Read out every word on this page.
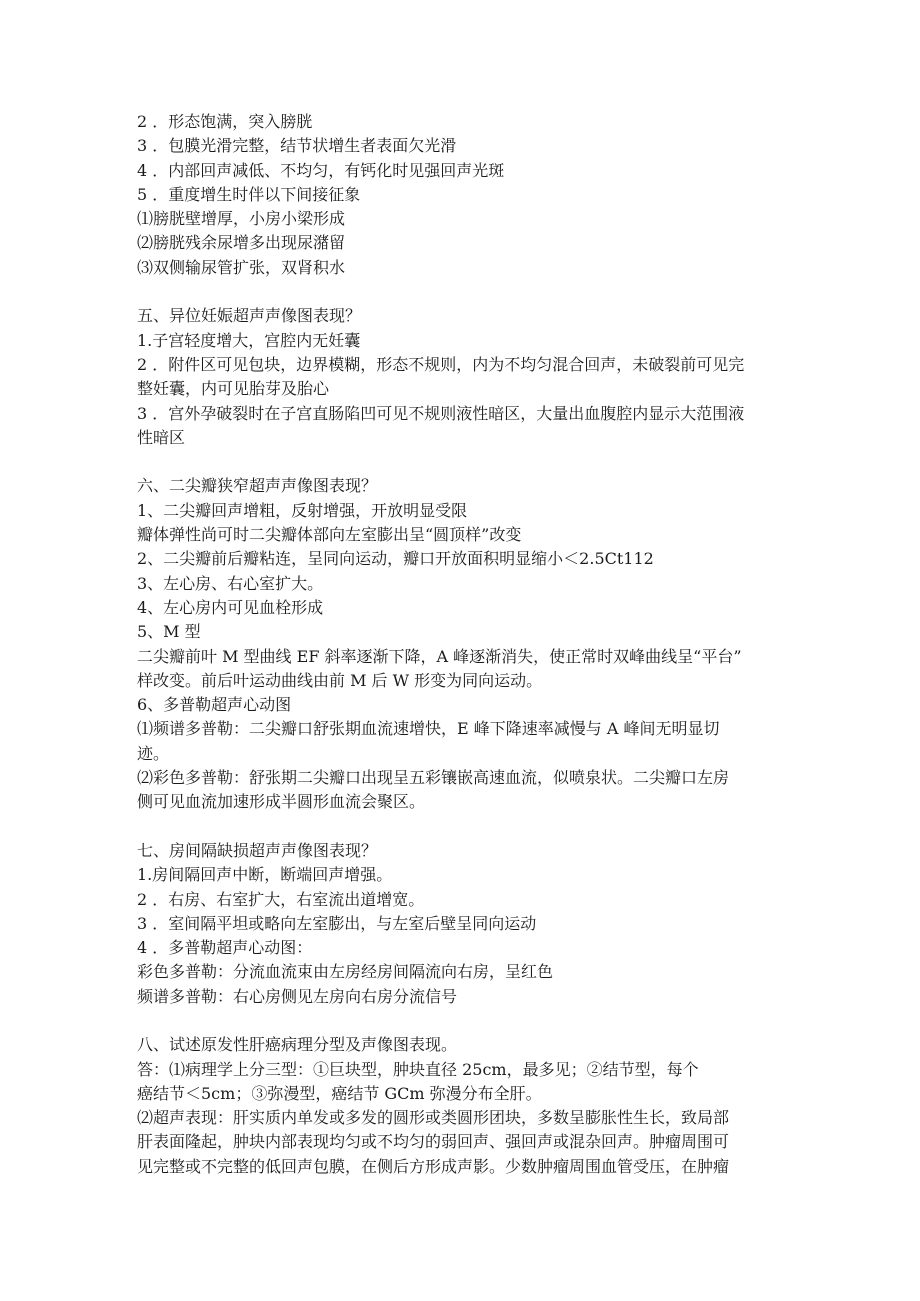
2 ．形态饱满，突入膀胱
3 ．包膜光滑完整，结节状增生者表面欠光滑
4 ．内部回声减低、不均匀，有钙化时见强回声光斑
5 ．重度增生时伴以下间接征象
⑴膀胱壁增厚，小房小梁形成
⑵膀胱残余尿增多出现尿潴留
⑶双侧输尿管扩张，双肾积水
五、异位妊娠超声声像图表现？
1.子宫轻度增大，宫腔内无妊囊
2 ．附件区可见包块，边界模糊，形态不规则，内为不均匀混合回声，未破裂前可见完
整妊囊，内可见胎芽及胎心
3 ．宫外孕破裂时在子宫直肠陷凹可见不规则液性暗区，大量出血腹腔内显示大范围液
性暗区
六、二尖瓣狭窄超声声像图表现？
1、二尖瓣回声增粗，反射增强，开放明显受限
瓣体弹性尚可时二尖瓣体部向左室膨出呈“圆顶样”改变
2、二尖瓣前后瓣粘连，呈同向运动，瓣口开放面积明显缩小＜2.5Ct112
3、左心房、右心室扩大。
4、左心房内可见血栓形成
5、M 型
二尖瓣前叶 M 型曲线 EF 斜率逐渐下降，A 峰逐渐消失，使正常时双峰曲线呈“平台”
样改变。前后叶运动曲线由前 M 后 W 形变为同向运动。
6、多普勒超声心动图
⑴频谱多普勒：二尖瓣口舒张期血流速增快，E 峰下降速率减慢与 A 峰间无明显切
迹。
⑵彩色多普勒：舒张期二尖瓣口出现呈五彩镶嵌高速血流，似喷泉状。二尖瓣口左房
侧可见血流加速形成半圆形血流会聚区。
七、房间隔缺损超声声像图表现？
1.房间隔回声中断，断端回声增强。
2 ．右房、右室扩大，右室流出道增宽。
3 ．室间隔平坦或略向左室膨出，与左室后壁呈同向运动
4 ．多普勒超声心动图：
彩色多普勒：分流血流束由左房经房间隔流向右房，呈红色
频谱多普勒：右心房侧见左房向右房分流信号
八、试述原发性肝癌病理分型及声像图表现。
答：⑴病理学上分三型：①巨块型，肿块直径 25cm，最多见；②结节型，每个
癌结节＜5cm；③弥漫型，癌结节 GCm 弥漫分布全肝。
⑵超声表现：肝实质内单发或多发的圆形或类圆形团块，多数呈膨胀性生长，致局部
肝表面隆起，肿块内部表现均匀或不均匀的弱回声、强回声或混杂回声。肿瘤周围可
见完整或不完整的低回声包膜，在侧后方形成声影。少数肿瘤周围血管受压，在肿瘤
